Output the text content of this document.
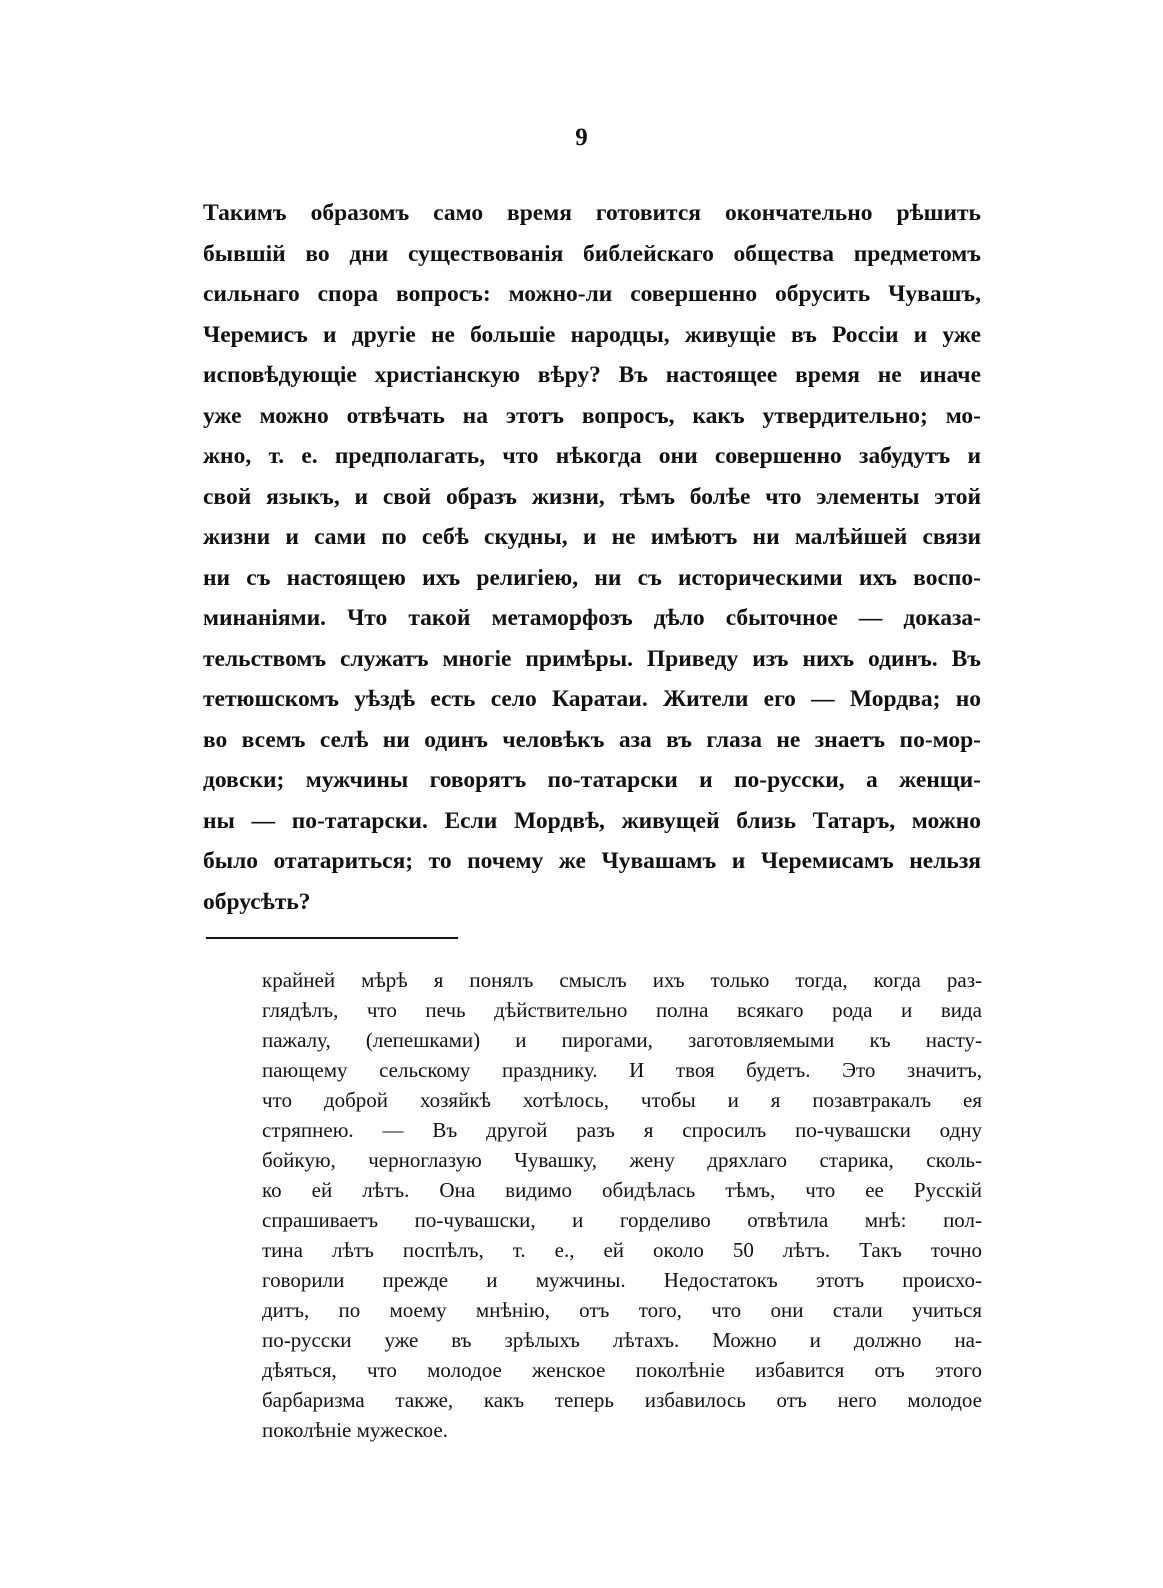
9
Такимъ образомъ само время готовится окончательно рѣшить
бывшій во дни существованія библейскаго общества предметомъ
сильнаго спора вопросъ: можно-ли совершенно обрусить Чувашъ,
Черемисъ и другіе не большіе народцы, живущіе въ Россіи и уже
исповѣдующіе христіанскую вѣру? Въ настоящее время не иначе
уже можно отвѣчать на этотъ вопросъ, какъ утвердительно; мо-
жно, т. е. предполагать, что нѣкогда они совершенно забудутъ и
свой языкъ, и свой образъ жизни, тѣмъ болѣе что элементы этой
жизни и сами по себѣ скудны, и не имѣютъ ни малѣйшей связи
ни съ настоящею ихъ религіею, ни съ историческими ихъ воспо-
минаніями. Что такой метаморфозъ дѣло сбыточное — доказа-
тельствомъ служатъ многіе примѣры. Приведу изъ нихъ одинъ. Въ
тетюшскомъ уѣздѣ есть село Каратаи. Жители его — Мордва; но
во всемъ селѣ ни одинъ человѣкъ аза въ глаза не знаетъ по-мор-
довски; мужчины говорятъ по-татарски и по-русски, а женщи-
ны — по-татарски. Если Мордвѣ, живущей близь Татаръ, можно
было отатариться; то почему же Чувашамъ и Черемисамъ нельзя
обрусѣть?
крайней мѣрѣ я понялъ смыслъ ихъ только тогда, когда раз-
глядѣлъ, что печь дѣйствительно полна всякаго рода и вида
пажалу, (лепешками) и пирогами, заготовляемыми къ насту-
пающему сельскому празднику. И твоя будетъ. Это значитъ,
что доброй хозяйкѣ хотѣлось, чтобы и я позавтракалъ ея
стряпнею. — Въ другой разъ я спросилъ по-чувашски одну
бойкую, черноглазую Чувашку, жену дряхлаго старика, сколь-
ко ей лѣтъ. Она видимо обидѣлась тѣмъ, что ее Русскій
спрашиваетъ по-чувашски, и горделиво отвѣтила мнѣ: пол-
тина лѣтъ поспѣлъ, т. е., ей около 50 лѣтъ. Такъ точно
говорили прежде и мужчины. Недостатокъ этотъ происхо-
дитъ, по моему мнѣнію, отъ того, что они стали учиться
по-русски уже въ зрѣлыхъ лѣтахъ. Можно и должно на-
дѣяться, что молодое женское поколѣніе избавится отъ этого
барбаризма также, какъ теперь избавилось отъ него молодое
поколѣніе мужеское.
